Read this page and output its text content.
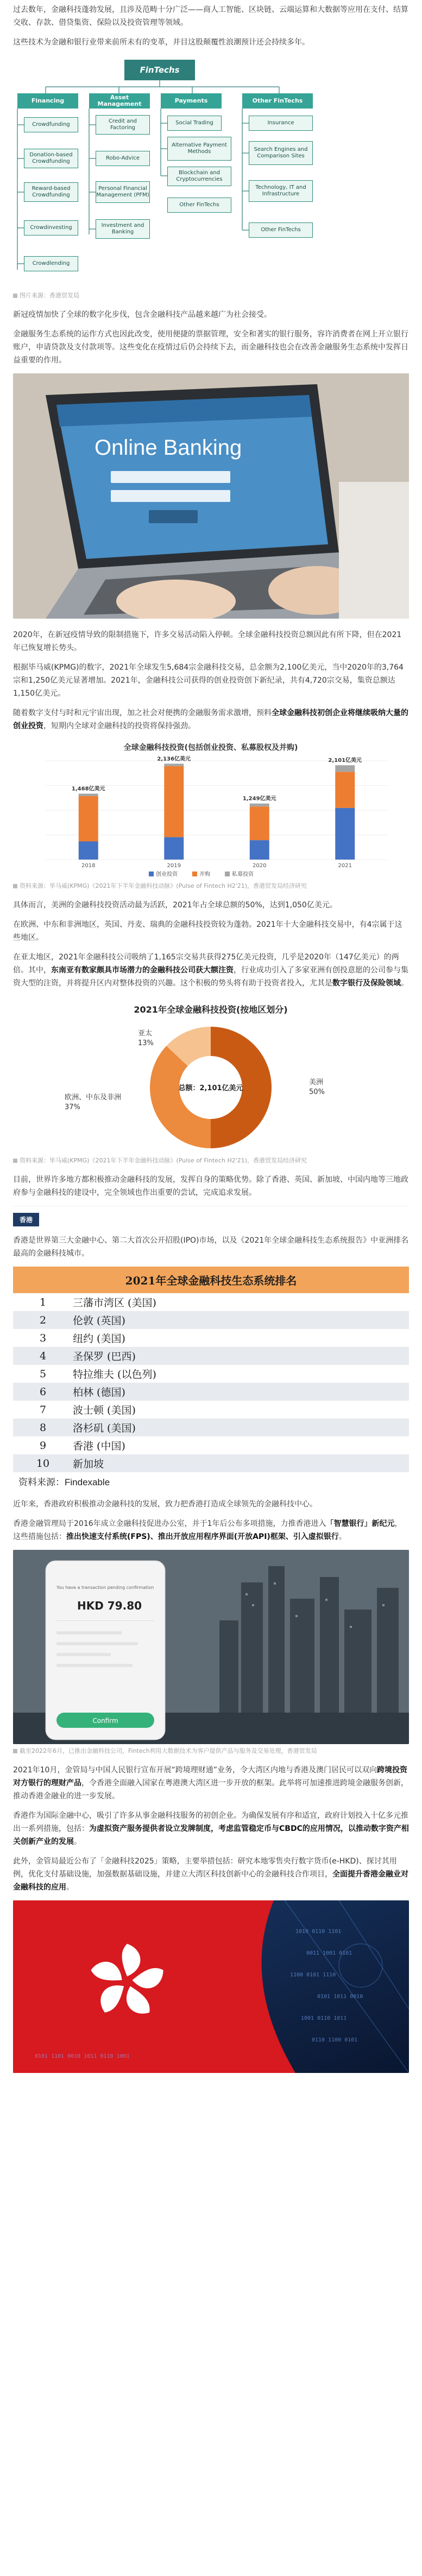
过去数年，金融科技蓬勃发展，且涉及范畴十分广泛——商人工智能、区块链、云端运算和大数据等应用在支付、结算交收、存款、借贷集资、保险以及投资管理等领域。

这些技术为金融和银行业带来前所未有的变革，并目这股颠覆性浪潮预计还会持续多年。

FinTechs
Financing	Asset Management	Payments	Other FinTechs
Crowdfunding
Donation-based Crowdfunding
Reward-based Crowdfunding
Crowdinvesting
Crowdlending
Credit and Factoring
Social Trading
Robo-Advice
Personal Financial Management (PFM)
Investment and Banking
Insurance
Alternative Payment Methods	Search Engines and Comparison Sites
Blockchain and Cryptocurrencies
Other FinTechs
Technology, IT and Infrastructure
Other FinTechs
图片来源：香港贸发局

新冠疫情加快了全球的数字化步伐，包含金融科技产品越来越广为社会接受。

金融服务生态系统的运作方式也因此改变，使用便捷的票据管理，安全和著实的银行服务，容许消费者在网上开立银行账户，申请贷款及支付款项等。这些变化在疫情过后仍会持续下去，而金融科技也会在改善金融服务生态系统中发挥日益重要的作用。

Online Banking

2020年，在新冠疫情导致的限制措施下，许多交易活动陷入停顿。全球金融科技投资总额因此有所下降，但在2021年已恢复增长势头。

根据毕马威(KPMG)的数字，2021年全球发生5,684宗金融科技交易，总金额为2,100亿美元，当中2020年的3,764宗和1,250亿美元显著增加。2021年，金融科技公司获得的创业投资创下新纪录，共有4,720宗交易，集资总额达1,150亿美元。

随着数字支付与时和元宇宙出现，加之社会对便携的金融服务需求激增，预料全球金融科技初创企业将继续吸纳大量的创业投资，短期内全球对金融科技的投资将保持强劲。

全球金融科技投资(包括创业投资、私募股权及并购)
1,468亿美元
2018
2,136亿美元
2019
1,249亿美元
2020
2,101亿美元
2021
创业投资	并购	私募投资
资料来源：毕马威(KPMG)《2021年下半年金融科技动脉》(Pulse of Fintech H2'21)，香港贸发局经济研究

具体而言，美洲的金融科技投资活动最为活跃，2021年占全球总额的50%，达到1,050亿美元。

在欧洲、中东和非洲地区，英国、丹麦、瑞典的金融科技投资较为蓬勃。2021年十大金融科技交易中，有4宗属于这些地区。

在亚太地区，2021年金融科技公司吸纳了1,165宗交易共获得275亿美元投资，几乎是2020年（147亿美元）的两倍。其中，东南亚有数家颇具市场潜力的金融科技公司获大额注资，行业成功引入了多家亚洲有创投意愿的公司参与集资大型的注资，并将提升区内对整体投资的兴趣。这个积极的势头将有助于投资者投入，尤其是数字银行及保险领域。

2021年全球金融科技投资(按地区划分)
总额：2,101亿美元
美洲
50%
欧洲、中东及非洲
37%
亚太
13%
资料来源：毕马威(KPMG)《2021年下半年金融科技动脉》(Pulse of Fintech H2'21)，香港贸发局经济研究

目前，世界许多地方都积极推动金融科技的发展，发挥自身的策略优势。除了香港、英国、新加坡、中国内地等三地政府参与金融科技的建设中，完全领域也作出重要的尝试，完成追求发展。

香港

香港是世界第三大金融中心、第二大首次公开招股(IPO)市场，以及《2021年全球金融科技生态系统报告》中亚洲排名最高的金融科技城市。

2021年全球金融科技生态系统排名
1	三藩市湾区 (美国)
2	伦敦 (英国)
3	纽约 (美国)
4	圣保罗 (巴西)
5	特拉维夫 (以色列)
6	柏林 (德国)
7	波士顿 (美国)
8	洛杉矶 (美国)
9	香港 (中国)
10	新加坡
资料来源：Findexable

近年来，香港政府积极推动金融科技的发展，致力把香港打造成全球领先的金融科技中心。

香港金融管理局于2016年成立金融科技促进办公室，并于1年后公布多项措施，力推香港进入「智慧银行」新纪元，这些措施包括：推出快速支付系统(FPS)、推出开放应用程序界面(开放API)框架、引入虚拟银行。

You have a transaction pending confirmation
HKD 79.80
Confirm
截至2022年6月，已推出金融科技公司，Fintech利用大数据技术为客户提供产品与服务及交易处理，香港贸发局

2021年10月，金管局与中国人民银行宣布开展“跨境理财通”业务，令大湾区内地与香港及澳门居民可以双向跨境投资对方银行的理财产品，令香港全面融入国家在粤港澳大湾区进一步开放的框架。此举将可加速推进跨境金融服务创新，推动香港金融业的进一步发展。

香港作为国际金融中心，吸引了许多从事金融科技服务的初创企业。为确保发展有序和适宜，政府计划投入十亿多元推出一系列措施，包括：为虚拟资产服务提供者设立发牌制度，考虑监管稳定币与CBDC的应用情况，以推动数字资产相关创新产业的发展。

此外，金管局最近公布了「金融科技2025」策略，主要举措包括：研究本地零售央行数字货币(e-HKD)、探讨其用例，优化支付基础设施，加强数据基础设施，并建立大湾区科技创新中心的金融科技合作项目，全面提升香港金融业对金融科技的应用。

1010 0110 1101
0011 1001 0101
1100 0101 1110
0101 1011 0010
1001 0110 1011
0110 1100 0101
0101 1101 0010 1011 0110 1001
